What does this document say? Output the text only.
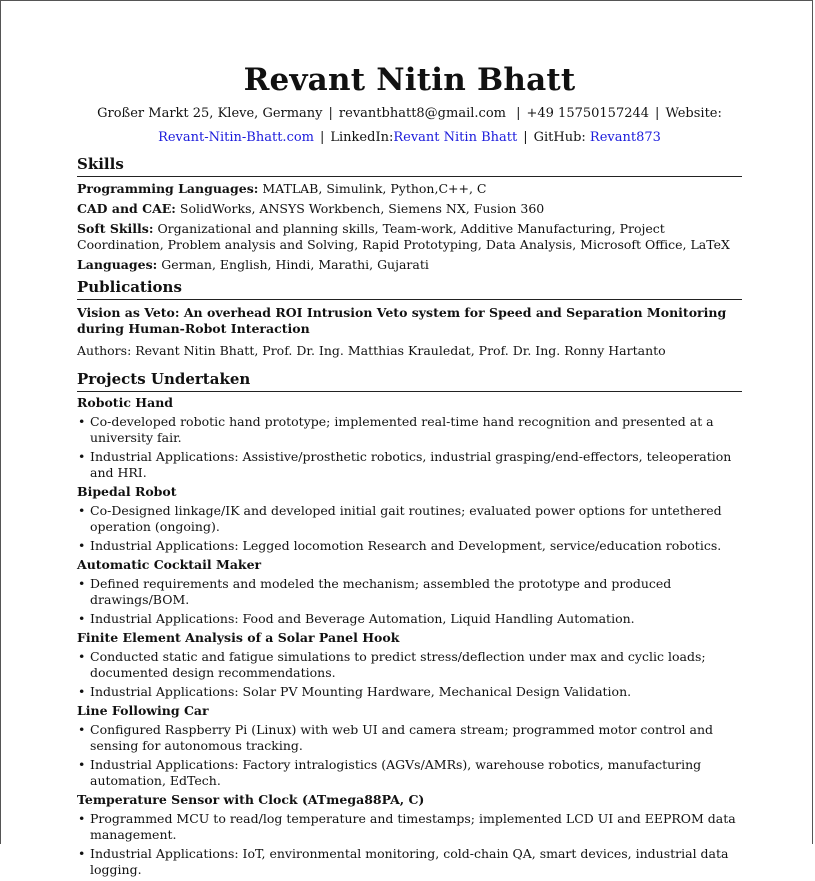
Revant Nitin Bhatt
Großer Markt 25, Kleve, Germany | revantbhatt8@gmail.com | +49 15750157244 | Website:
Revant-Nitin-Bhatt.com | LinkedIn:Revant Nitin Bhatt | GitHub: Revant873
Skills

Programming Languages: MATLAB, Simulink, Python,C++, C

CAD and CAE: SolidWorks, ANSYS Workbench, Siemens NX, Fusion 360

Soft Skills: Organizational and planning skills, Team-work, Additive Manufacturing, Project Coordination, Problem analysis and Solving, Rapid Prototyping, Data Analysis, Microsoft Office, LaTeX

Languages: German, English, Hindi, Marathi, Gujarati

Publications
Vision as Veto: An overhead ROI Intrusion Veto system for Speed and Separation Monitoring during Human-Robot Interaction
Authors: Revant Nitin Bhatt, Prof. Dr. Ing. Matthias Krauledat, Prof. Dr. Ing. Ronny Hartanto
Projects Undertaken
Robotic Hand
• Co-developed robotic hand prototype; implemented real-time hand recognition and presented at a university fair.
• Industrial Applications: Assistive/prosthetic robotics, industrial grasping/end-effectors, teleoperation and HRI.
Bipedal Robot
• Co-Designed linkage/IK and developed initial gait routines; evaluated power options for untethered operation (ongoing).
• Industrial Applications: Legged locomotion Research and Development, service/education robotics.
Automatic Cocktail Maker
• Defined requirements and modeled the mechanism; assembled the prototype and produced drawings/BOM.
• Industrial Applications: Food and Beverage Automation, Liquid Handling Automation.
Finite Element Analysis of a Solar Panel Hook
• Conducted static and fatigue simulations to predict stress/deflection under max and cyclic loads; documented design recommendations.
• Industrial Applications: Solar PV Mounting Hardware, Mechanical Design Validation.
Line Following Car
• Configured Raspberry Pi (Linux) with web UI and camera stream; programmed motor control and sensing for autonomous tracking.
• Industrial Applications: Factory intralogistics (AGVs/AMRs), warehouse robotics, manufacturing automation, EdTech.
Temperature Sensor with Clock (ATmega88PA, C)
• Programmed MCU to read/log temperature and timestamps; implemented LCD UI and EEPROM data management.
• Industrial Applications: IoT, environmental monitoring, cold-chain QA, smart devices, industrial data logging.
